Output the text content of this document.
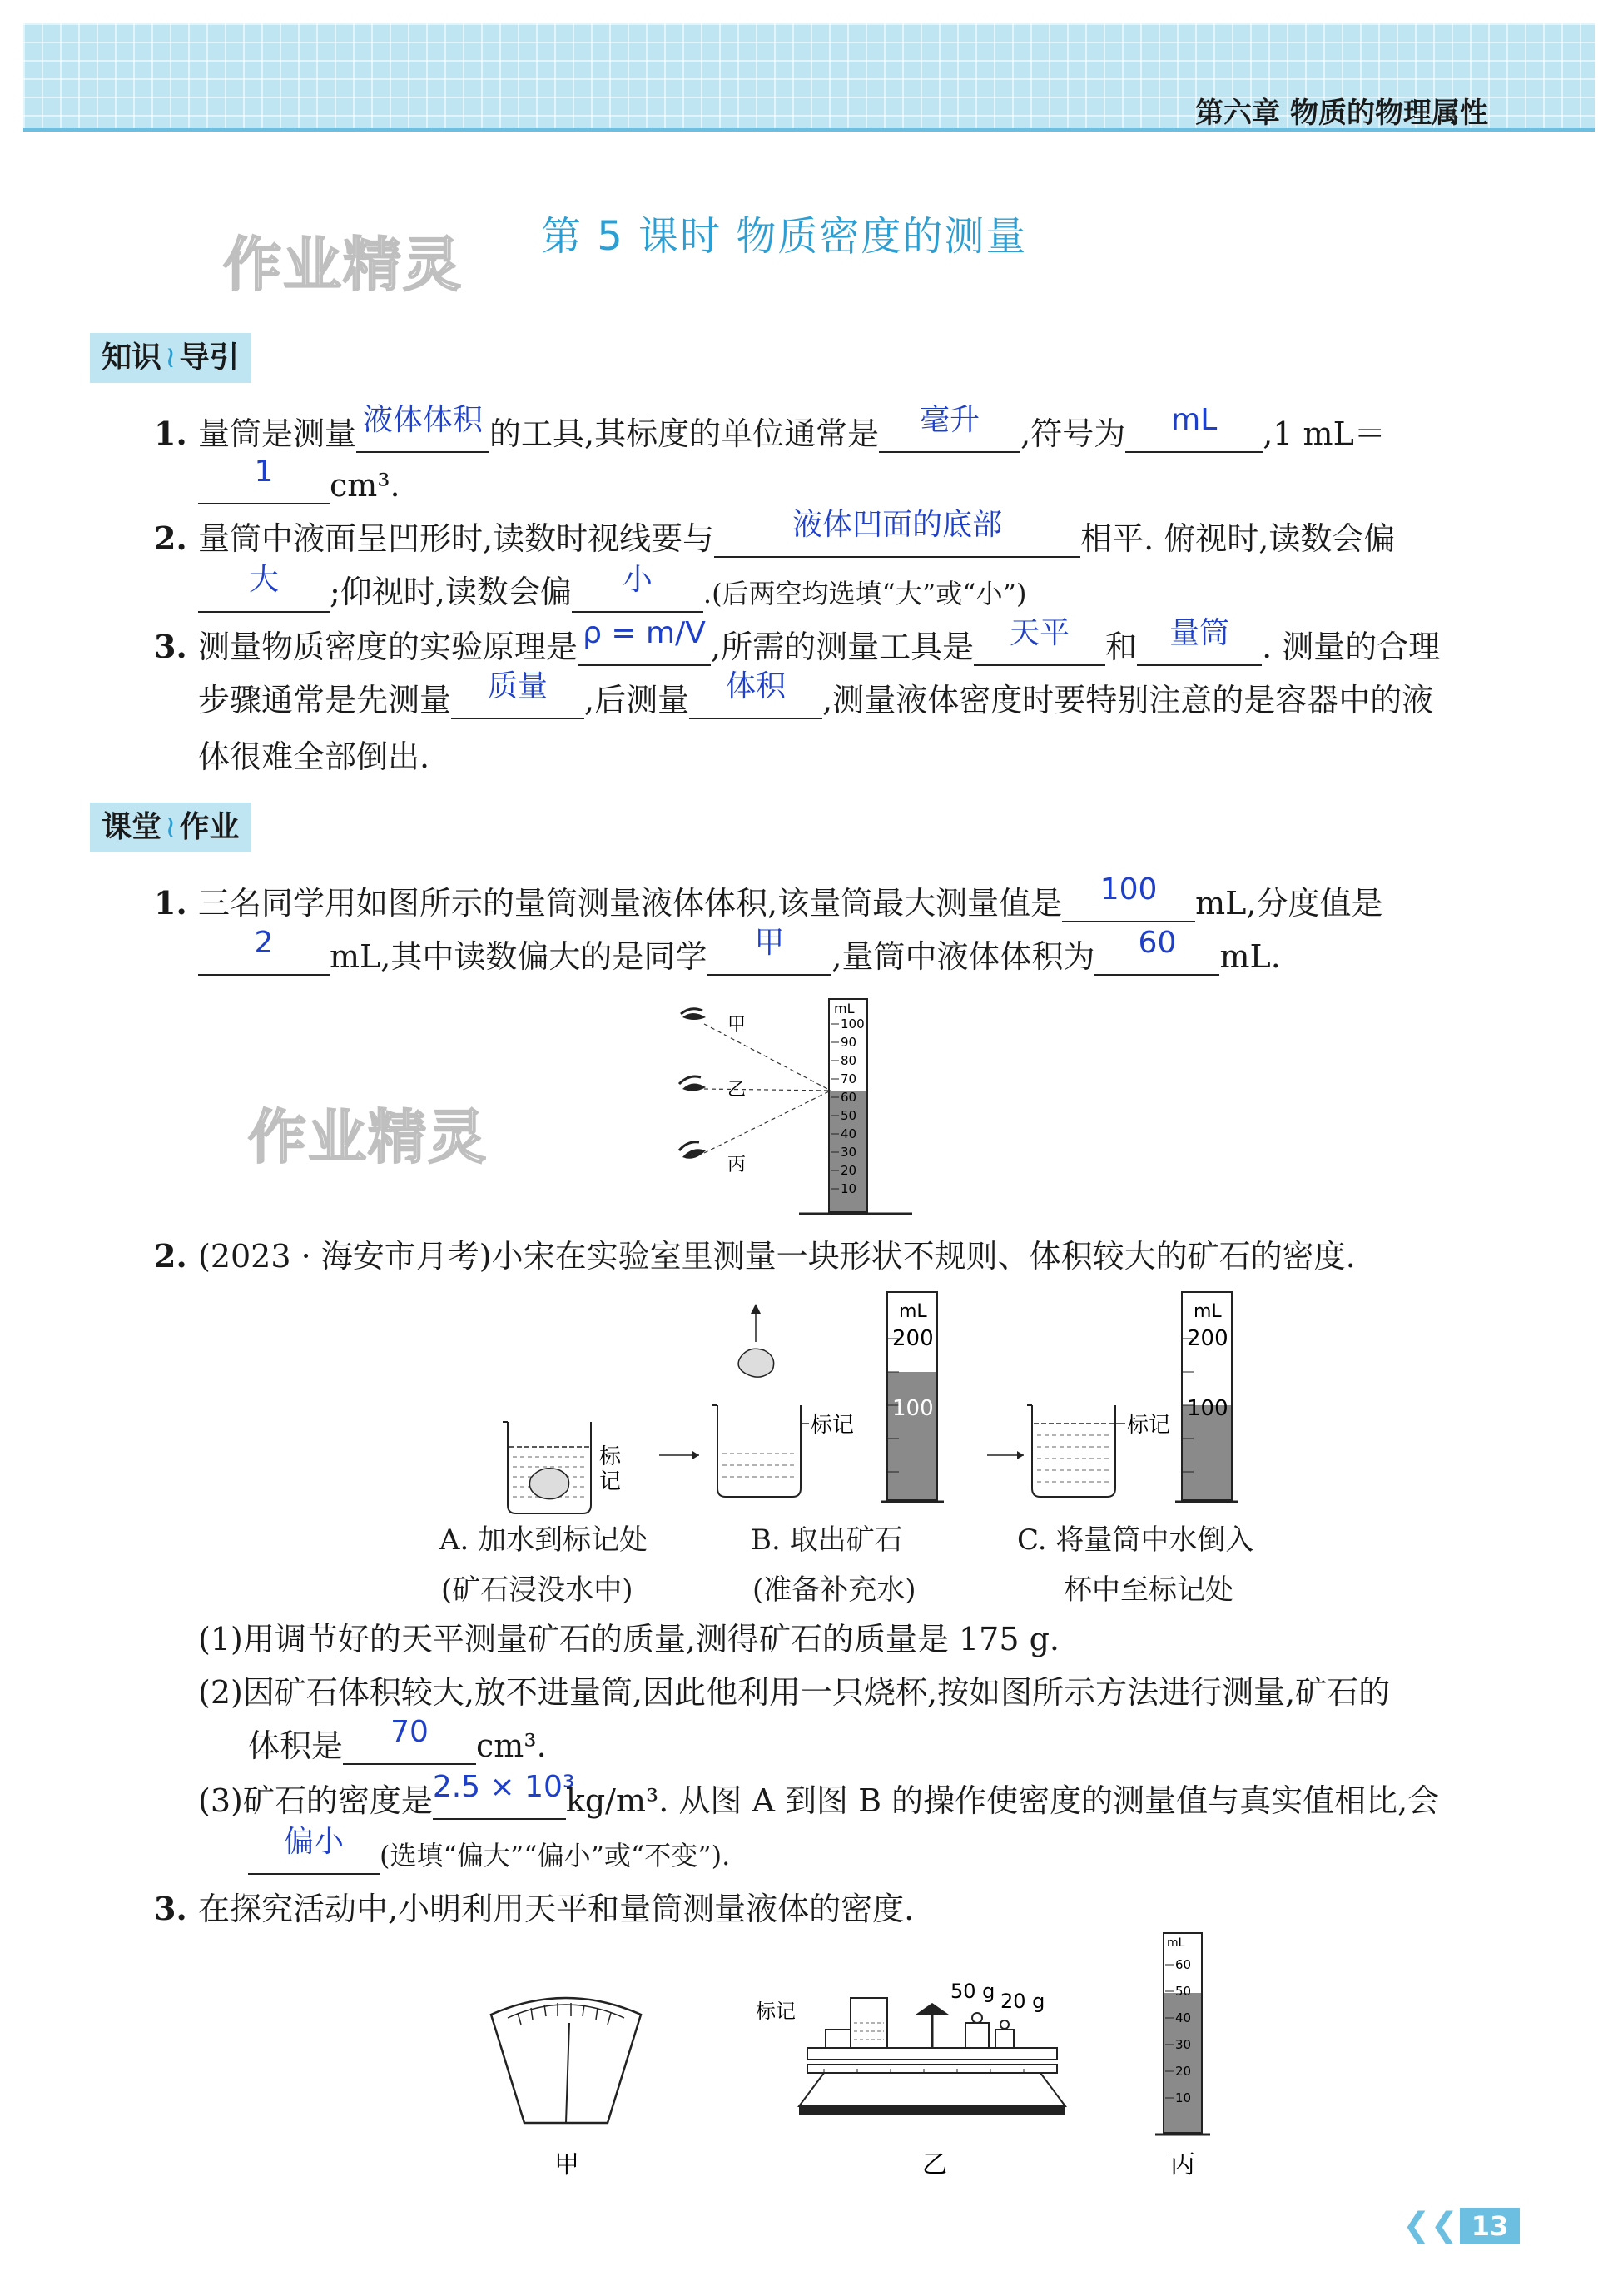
第六章 物质的物理属性
作业精灵
作业精灵
第 5 课时 物质密度的测量
知识 ≀ 导引
1. 量筒是测量 液体体积 的工具,其标度的单位通常是	毫升	,符号为	mL	,1 mL＝
1	cm³.
2. 量筒中液面呈凹形时,读数时视线要与	液体凹面的底部	相平. 俯视时,读数会偏
大	;仰视时,读数会偏	小	.(后两空均选填“大”或“小”)
3. 测量物质密度的实验原理是 ρ = m/V ,所需的测量工具是	天平	和	量筒	. 测量的合理
步骤通常是先测量	质量	,后测量	体积	,测量液体密度时要特别注意的是容器中的液
体很难全部倒出.
课堂 ≀ 作业
1. 三名同学用如图所示的量筒测量液体体积,该量筒最大测量值是	100	mL,分度值是
2	mL,其中读数偏大的是同学	甲	,量筒中液体体积为	60	mL.
mL
100
90
80
70
60
50
40
30
20
10
甲
乙
丙
2. (2023 · 海安市月考)小宋在实验室里测量一块形状不规则、体积较大的矿石的密度.
标
记
标记
mL
200
100
标记
mL
200
100
A. 加水到标记处
(矿石浸没水中)
B. 取出矿石
(准备补充水)
C. 将量筒中水倒入
杯中至标记处
(1)用调节好的天平测量矿石的质量,测得矿石的质量是 175 g.
(2)因矿石体积较大,放不进量筒,因此他利用一只烧杯,按如图所示方法进行测量,矿石的
体积是	70	cm³.
(3)矿石的密度是 2.5 × 10³
kg/m³. 从图 A 到图 B 的操作使密度的测量值与真实值相比,会
偏小	(选填“偏大”“偏小”或“不变”).
3. 在探究活动中,小明利用天平和量筒测量液体的密度.
甲
标记
50 g 20 g
乙
mL
60
50
40
30
20
10
丙
❮❮ 13
